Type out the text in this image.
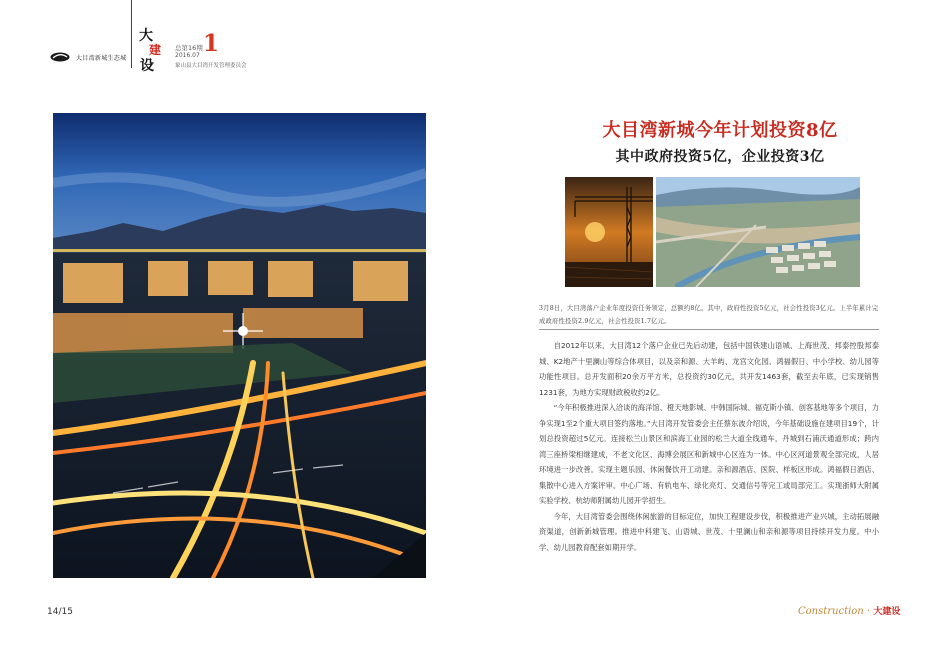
大目湾新城生态城
大
建
设
总第16期 1
2016.07
象山县大目湾开发管理委员会
大目湾新城今年计划投资8亿
其中政府投资5亿，企业投资3亿
3月8日，大目湾落户企业年度投资任务领定，总额约8亿。其中，政府性投资5亿元，社会性投资3亿元。上半年累计完成政府性投资2.9亿元，社会性投资1.7亿元。

自2012年以来，大目湾12个落户企业已先后动建，包括中国铁建山语城、上海世茂、邦泰控股邦泰城、K2地产十里澜山等综合体项目，以及亲和源、大羊屿、龙宫文化园、鸿福假日、中小学校、幼儿园等功能性项目。总开发面积20余万平方米，总投资约30亿元，共开发1463套，截至去年底，已实现销售1231套，为地方实现财政税收约2亿。

“今年积极推进深入洽谈的海洋馆、橙天地影城、中韩国际城、福克斯小镇、创客基地等多个项目，力争实现1至2个重大项目签约落地。”大目湾开发管委会主任蔡东波介绍说，今年基础设施在建项目19个，计划总投资超过5亿元。连接松兰山景区和滨海工业园的松兰大道全线通车，丹城到石浦沃通道形成；跨内湾三座桥梁相继建成，不老文化区、海博会展区和新城中心区连为一体。中心区河道景观全部完成，人居环境进一步改善。实现主题乐园、休闲餐饮开工动建。亲和源酒店、医院、样板区形成。鸿福假日酒店、集散中心进入方案评审。中心广场、有轨电车、绿化亮灯、交通信号等完工或局部完工。实现浙师大附属实验学校、杭幼师附属幼儿园开学招生。

今年，大目湾管委会围绕休闲旅游的目标定位，加快工程建设步伐，积极推进产业兴城，主动拓展融资渠道，创新新城管理。推进中科建飞、山语城、世茂、十里澜山和亲和源等项目持续开发力度。中小学、幼儿园教育配套如期开学。

14/15	Construction · 大建设
